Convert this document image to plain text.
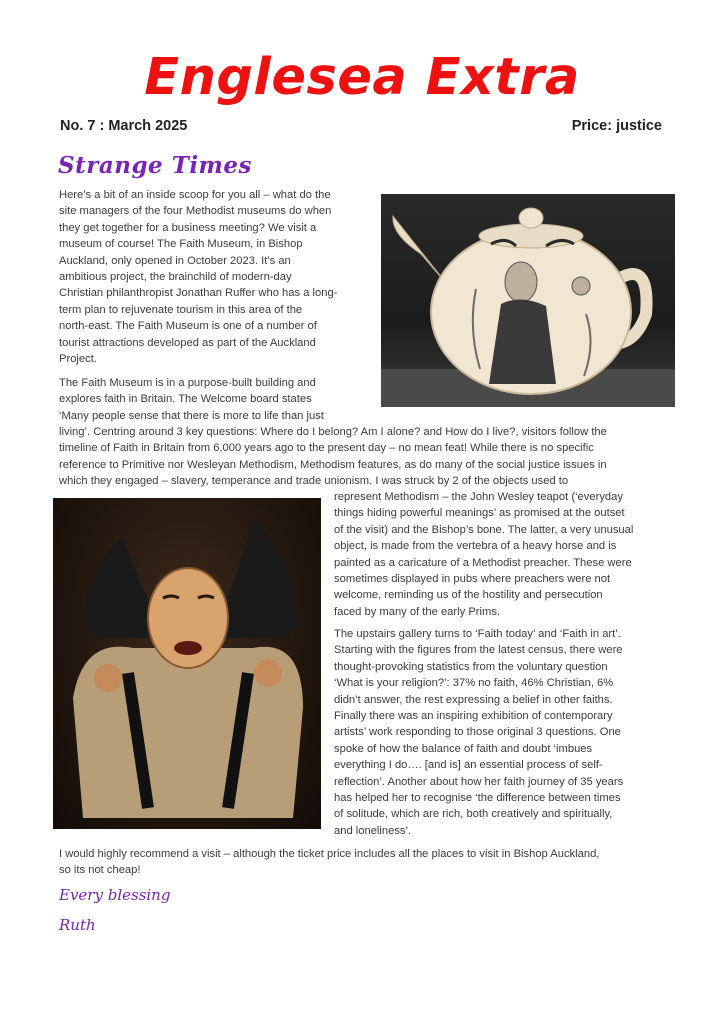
Englesea Extra
No. 7 : March 2025	Price: justice
Strange Times
Here’s a bit of an inside scoop for you all – what do the
site managers of the four Methodist museums do when
they get together for a business meeting? We visit a
museum of course! The Faith Museum, in Bishop
Auckland, only opened in October 2023. It’s an
ambitious project, the brainchild of modern-day
Christian philanthropist Jonathan Ruffer who has a long-
term plan to rejuvenate tourism in this area of the
north-east. The Faith Museum is one of a number of
tourist attractions developed as part of the Auckland
Project.
The Faith Museum is in a purpose-built building and
explores faith in Britain. The Welcome board states
‘Many people sense that there is more to life than just
living’. Centring around 3 key questions: Where do I belong? Am I alone? and How do I live?, visitors follow the
timeline of Faith in Britain from 6,000 years ago to the present day – no mean feat! While there is no specific
reference to Primitive nor Wesleyan Methodism, Methodism features, as do many of the social justice issues in
which they engaged – slavery, temperance and trade unionism. I was struck by 2 of the objects used to
represent Methodism – the John Wesley teapot (‘everyday
things hiding powerful meanings’ as promised at the outset
of the visit) and the Bishop’s bone. The latter, a very unusual
object, is made from the vertebra of a heavy horse and is
painted as a caricature of a Methodist preacher. These were
sometimes displayed in pubs where preachers were not
welcome, reminding us of the hostility and persecution
faced by many of the early Prims.
The upstairs gallery turns to ‘Faith today’ and ‘Faith in art’.
Starting with the figures from the latest census, there were
thought-provoking statistics from the voluntary question
‘What is your religion?’: 37% no faith, 46% Christian, 6%
didn’t answer, the rest expressing a belief in other faiths.
Finally there was an inspiring exhibition of contemporary
artists’ work responding to those original 3 questions. One
spoke of how the balance of faith and doubt ‘imbues
everything I do…. [and is] an essential process of self-
reflection’. Another about how her faith journey of 35 years
has helped her to recognise ‘the difference between times
of solitude, which are rich, both creatively and spiritually,
and loneliness’.
I would highly recommend a visit – although the ticket price includes all the places to visit in Bishop Auckland,
so its not cheap!
Every blessing
Ruth
